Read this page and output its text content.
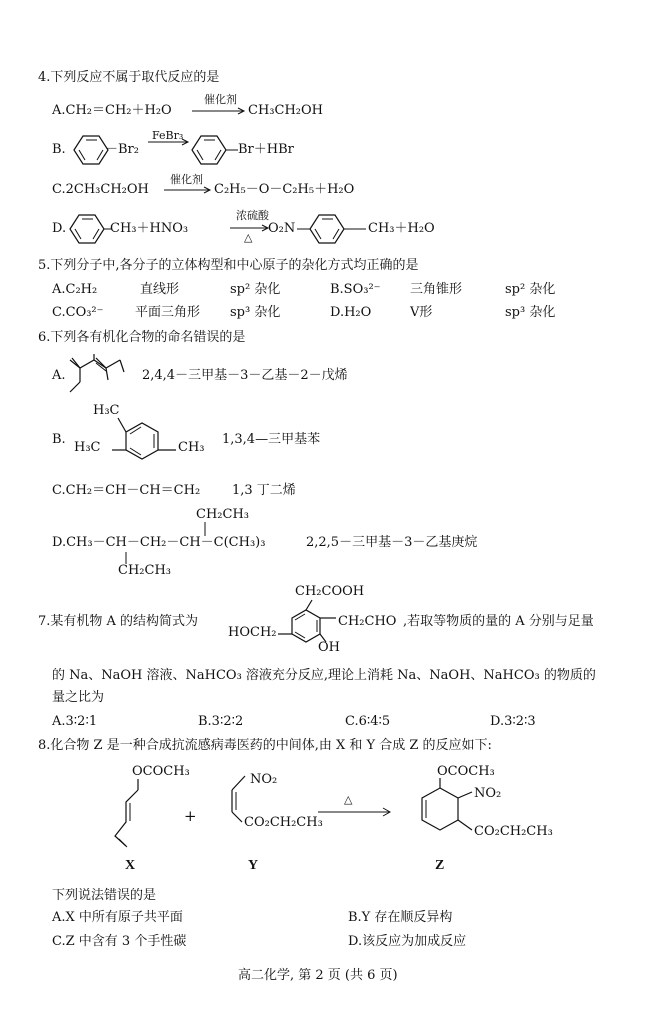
4.下列反应不属于取代反应的是
A.CH₂＝CH₂＋H₂O
催化剂
CH₃CH₂OH
B.	－Br₂
FeBr₃
Br＋HBr
C.2CH₃CH₂OH
催化剂
C₂H₅－O－C₂H₅＋H₂O
D.	CH₃＋HNO₃
浓硫酸
△
O₂N	CH₃＋H₂O
5.下列分子中,各分子的立体构型和中心原子的杂化方式均正确的是
A.C₂H₂	直线形	sp² 杂化	B.SO₃²⁻ 三角锥形	sp² 杂化
C.CO₃²⁻ 平面三角形 sp³ 杂化	D.H₂O	V形	sp³ 杂化
6.下列各有机化合物的命名错误的是
A.	2,4,4－三甲基－3－乙基－2－戊烯
B.
H₃C
H₃C	CH₃
1,3,4—三甲基苯
C.CH₂＝CH－CH＝CH₂ 1,3 丁二烯
CH₂CH₃
D.CH₃－CH－CH₂－CH－C(CH₃)₃
CH₂CH₃
2,2,5－三甲基－3－乙基庚烷
7.某有机物 A 的结构简式为
CH₂COOH
HOCH₂
CH₂CHO
OH
,若取等物质的量的 A 分别与足量
的 Na、NaOH 溶液、NaHCO₃ 溶液充分反应,理论上消耗 Na、NaOH、NaHCO₃ 的物质的
量之比为
A.3∶2∶1	B.3∶2∶2	C.6∶4∶5	D.3∶2∶3
8.化合物 Z 是一种合成抗流感病毒医药的中间体,由 X 和 Y 合成 Z 的反应如下:
OCOCH₃
NO₂
CO₂CH₂CH₃
+
△
OCOCH₃
NO₂
CO₂CH₂CH₃
X	Y	Z
下列说法错误的是
A.X 中所有原子共平面	B.Y 存在顺反异构
C.Z 中含有 3 个手性碳	D.该反应为加成反应
高二化学, 第 2 页 (共 6 页)
